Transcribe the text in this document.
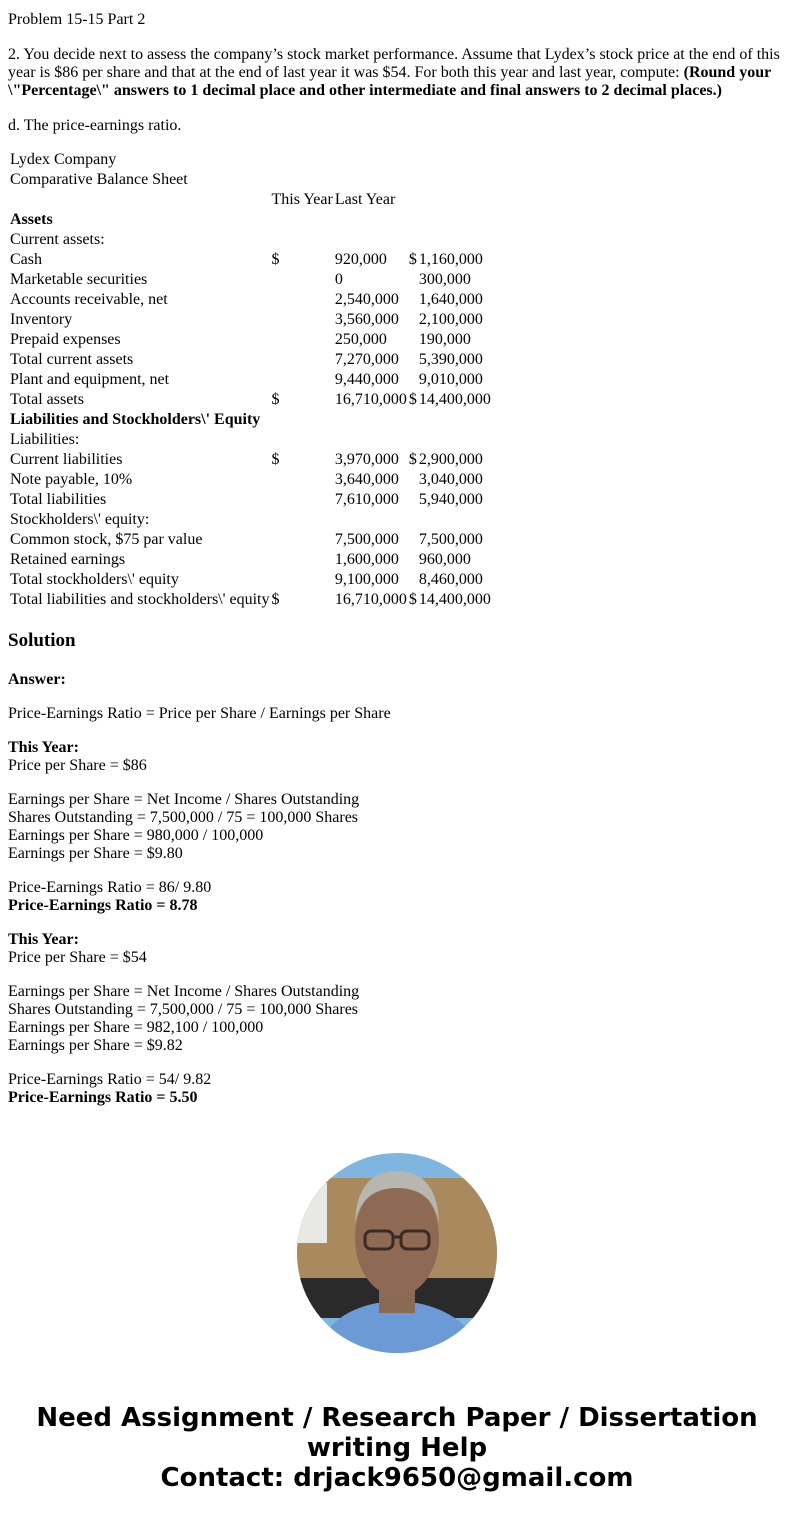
Problem 15-15 Part 2

2. You decide next to assess the company’s stock market performance. Assume that Lydex’s stock price at the end of this year is $86 per share and that at the end of last year it was $54. For both this year and last year, compute: (Round your \"Percentage\" answers to 1 decimal place and other intermediate and final answers to 2 decimal places.)

d. The price-earnings ratio.

Lydex Company				
Comparative Balance Sheet				
	This Year	Last Year		
Assets				
Current assets:				
Cash	$	920,000	$	1,160,000
Marketable securities		0		300,000
Accounts receivable, net		2,540,000		1,640,000
Inventory		3,560,000		2,100,000
Prepaid expenses		250,000		190,000
Total current assets		7,270,000		5,390,000
Plant and equipment, net		9,440,000		9,010,000
Total assets	$	16,710,000	$	14,400,000
Liabilities and Stockholders\' Equity				
Liabilities:				
Current liabilities	$	3,970,000	$	2,900,000
Note payable, 10%		3,640,000		3,040,000
Total liabilities		7,610,000		5,940,000
Stockholders\' equity:				
Common stock, $75 par value		7,500,000		7,500,000
Retained earnings		1,600,000		960,000
Total stockholders\' equity		9,100,000		8,460,000
Total liabilities and stockholders\' equity	$	16,710,000	$	14,400,000
Solution

Answer:

Price-Earnings Ratio = Price per Share / Earnings per Share

This Year:

Price per Share = $86

Earnings per Share = Net Income / Shares Outstanding

Shares Outstanding = 7,500,000 / 75 = 100,000 Shares

Earnings per Share = 980,000 / 100,000

Earnings per Share = $9.80

Price-Earnings Ratio = 86/ 9.80

Price-Earnings Ratio = 8.78

This Year:

Price per Share = $54

Earnings per Share = Net Income / Shares Outstanding

Shares Outstanding = 7,500,000 / 75 = 100,000 Shares

Earnings per Share = 982,100 / 100,000

Earnings per Share = $9.82

Price-Earnings Ratio = 54/ 9.82

Price-Earnings Ratio = 5.50

Need Assignment / Research Paper / Dissertation writing Help

Contact: drjack9650@gmail.com
